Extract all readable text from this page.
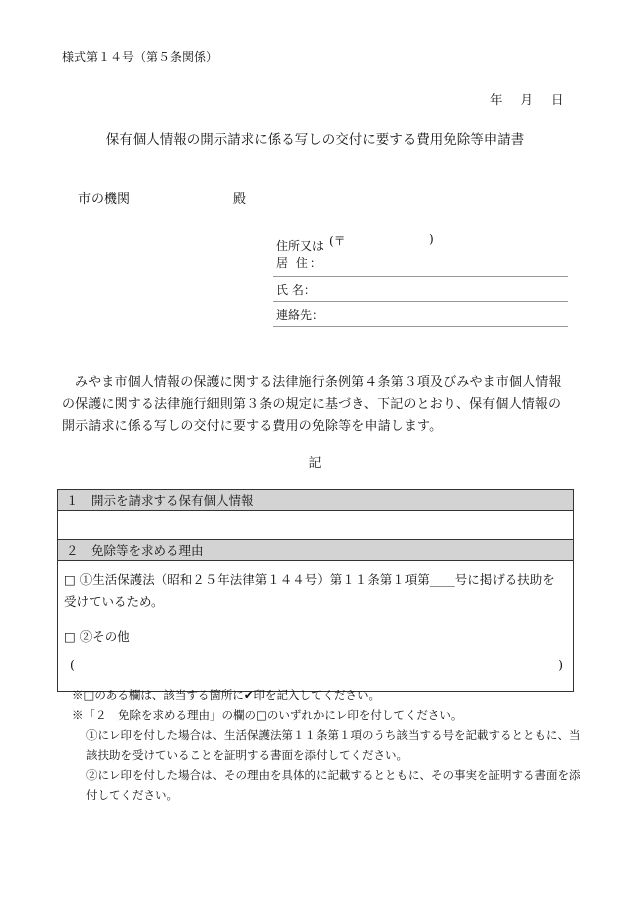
様式第１４号（第５条関係）
年 月 日
保有個人情報の開示請求に係る写しの交付に要する費用免除等申請書
市の機関	殿
住所又は (〒	)
居 住：
氏 名：
連絡先：
みやま市個人情報の保護に関する法律施行条例第４条第３項及びみやま市個人情報の保護に関する法律施行細則第３条の規定に基づき、下記のとおり、保有個人情報の開示請求に係る写しの交付に要する費用の免除等を申請します。
記
１　開示を請求する保有個人情報
２　免除等を求める理由
□ ①生活保護法（昭和２５年法律第１４４号）第１１条第１項第____号に掲げる扶助を受けているため。
□ ②その他
(	)
※□のある欄は、該当する箇所に✔印を記入してください。
※「２　免除を求める理由」の欄の□のいずれかにレ印を付してください。
①にレ印を付した場合は、生活保護法第１１条第１項のうち該当する号を記載するとともに、当該扶助を受けていることを証明する書面を添付してください。
②にレ印を付した場合は、その理由を具体的に記載するとともに、その事実を証明する書面を添付してください。
